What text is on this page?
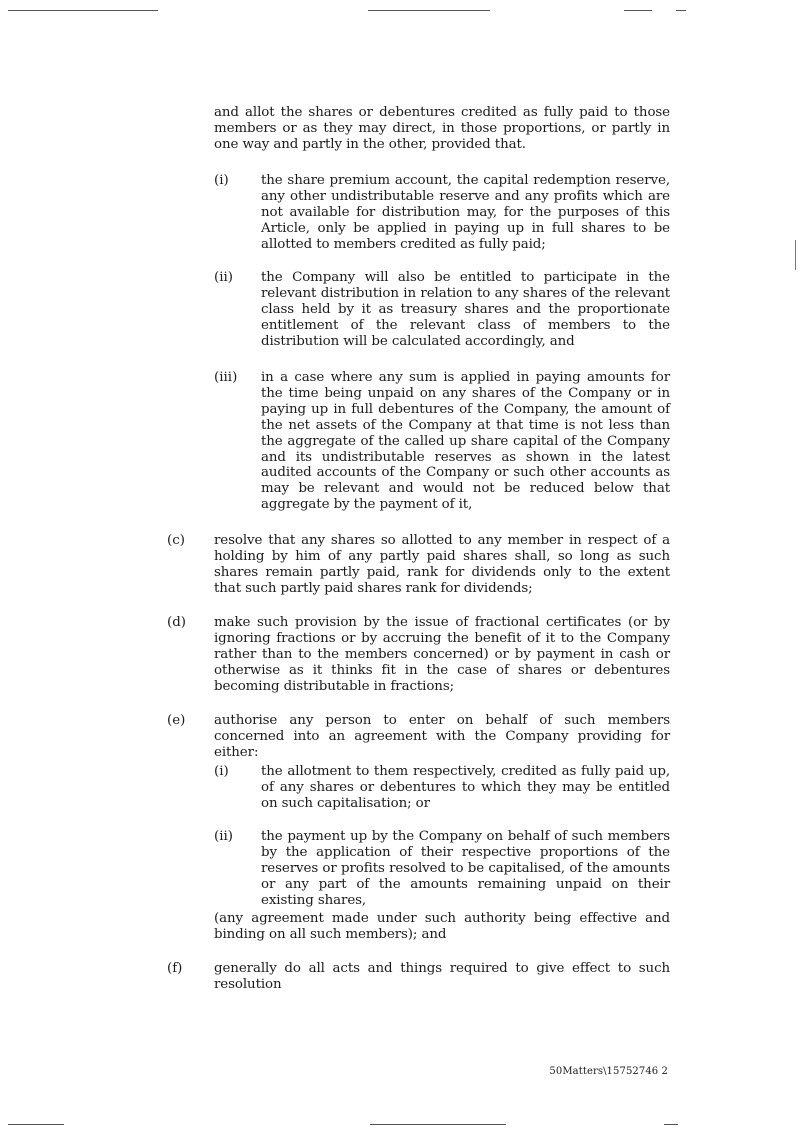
and allot the shares or debentures credited as fully paid to those members or as they may direct, in those proportions, or partly in one way and partly in the other, provided that.
(i) the share premium account, the capital redemption reserve, any other undistributable reserve and any profits which are not available for distribution may, for the purposes of this Article, only be applied in paying up in full shares to be allotted to members credited as fully paid;
(ii) the Company will also be entitled to participate in the relevant distribution in relation to any shares of the relevant class held by it as treasury shares and the proportionate entitlement of the relevant class of members to the distribution will be calculated accordingly, and
(iii) in a case where any sum is applied in paying amounts for the time being unpaid on any shares of the Company or in paying up in full debentures of the Company, the amount of the net assets of the Company at that time is not less than the aggregate of the called up share capital of the Company and its undistributable reserves as shown in the latest audited accounts of the Company or such other accounts as may be relevant and would not be reduced below that aggregate by the payment of it,
(c) resolve that any shares so allotted to any member in respect of a holding by him of any partly paid shares shall, so long as such shares remain partly paid, rank for dividends only to the extent that such partly paid shares rank for dividends;
(d) make such provision by the issue of fractional certificates (or by ignoring fractions or by accruing the benefit of it to the Company rather than to the members concerned) or by payment in cash or otherwise as it thinks fit in the case of shares or debentures becoming distributable in fractions;
(e) authorise any person to enter on behalf of such members concerned into an agreement with the Company providing for either:
(i) the allotment to them respectively, credited as fully paid up, of any shares or debentures to which they may be entitled on such capitalisation; or
(ii) the payment up by the Company on behalf of such members by the application of their respective proportions of the reserves or profits resolved to be capitalised, of the amounts or any part of the amounts remaining unpaid on their existing shares,
(any agreement made under such authority being effective and binding on all such members); and
(f) generally do all acts and things required to give effect to such resolution
50Matters\15752746 2
